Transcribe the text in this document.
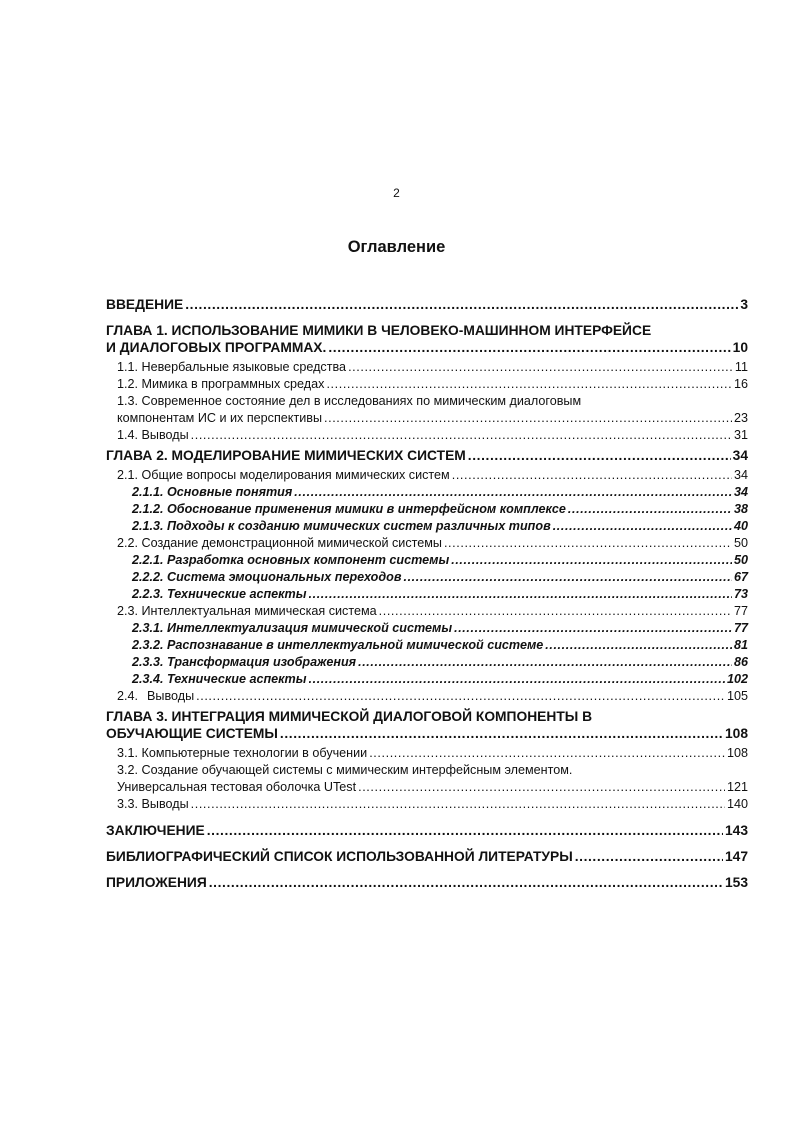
2
Оглавление
ВВЕДЕНИЕ .....	3
ГЛАВА 1. ИСПОЛЬЗОВАНИЕ МИМИКИ В ЧЕЛОВЕКО-МАШИННОМ ИНТЕРФЕЙСЕ
И ДИАЛОГОВЫХ ПРОГРАММАХ. .....	10
1.1. Невербальные языковые средства .....	11
1.2. Мимика в программных средах .....	16
1.3. Современное состояние дел в исследованиях по мимическим диалоговым
компонентам ИС и их перспективы .....	23
1.4. Выводы .....	31
ГЛАВА 2. МОДЕЛИРОВАНИЕ МИМИЧЕСКИХ СИСТЕМ .....	34
2.1. Общие вопросы моделирования мимических систем .....	34
2.1.1. Основные понятия .....	34
2.1.2. Обоснование применения мимики в интерфейсном комплексе .....	38
2.1.3. Подходы к созданию мимических систем различных типов .....	40
2.2. Создание демонстрационной мимической системы .....	50
2.2.1. Разработка основных компонент системы .....	50
2.2.2. Система эмоциональных переходов .....	67
2.2.3. Технические аспекты .....	73
2.3. Интеллектуальная мимическая система .....	77
2.3.1. Интеллектуализация мимической системы .....	77
2.3.2. Распознавание в интеллектуальной мимической системе .....	81
2.3.3. Трансформация изображения .....	86
2.3.4. Технические аспекты .....	102
2.4. Выводы .....	105
ГЛАВА 3. ИНТЕГРАЦИЯ МИМИЧЕСКОЙ ДИАЛОГОВОЙ КОМПОНЕНТЫ В
ОБУЧАЮЩИЕ СИСТЕМЫ .....	108
3.1. Компьютерные технологии в обучении .....	108
3.2. Создание обучающей системы с мимическим интерфейсным элементом.
Универсальная тестовая оболочка UTest .....	121
3.3. Выводы .....	140
ЗАКЛЮЧЕНИЕ .....	143
БИБЛИОГРАФИЧЕСКИЙ СПИСОК ИСПОЛЬЗОВАННОЙ ЛИТЕРАТУРЫ .....	147
ПРИЛОЖЕНИЯ .....	153
